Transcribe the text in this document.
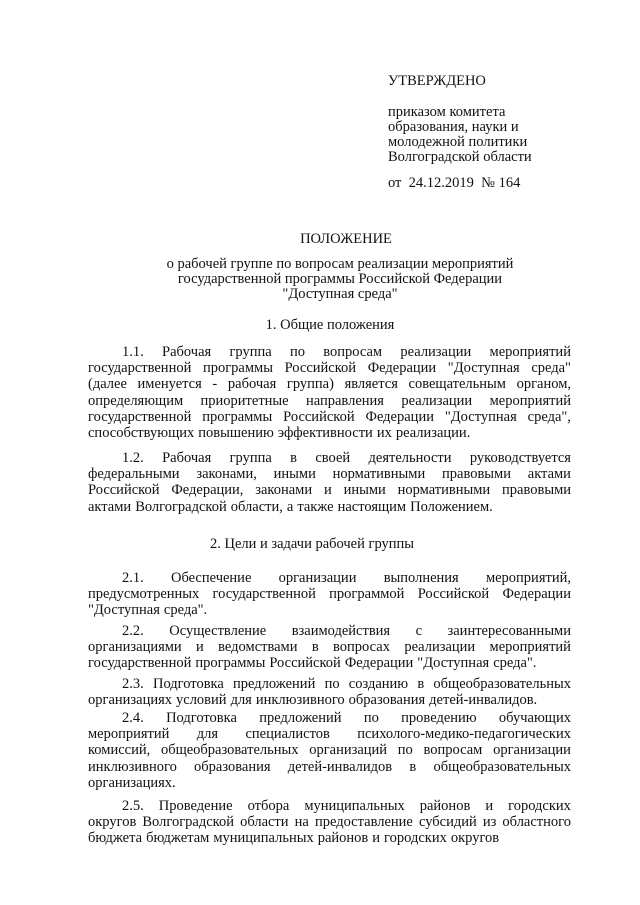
УТВЕРЖДЕНО
приказом комитета
образования, науки и
молодежной политики
Волгоградской области
от  24.12.2019  № 164
ПОЛОЖЕНИЕ
о рабочей группе по вопросам реализации мероприятий
государственной программы Российской Федерации
"Доступная среда"
1. Общие положения
1.1. Рабочая группа по вопросам реализации мероприятий
государственной программы Российской Федерации "Доступная среда"
(далее именуется - рабочая группа) является совещательным органом,
определяющим приоритетные направления реализации мероприятий
государственной программы Российской Федерации "Доступная среда",
способствующих повышению эффективности их реализации.
1.2. Рабочая группа в своей деятельности руководствуется
федеральными законами, иными нормативными правовыми актами
Российской Федерации, законами и иными нормативными правовыми
актами Волгоградской области, а также настоящим Положением.
2. Цели и задачи рабочей группы
2.1. Обеспечение организации выполнения мероприятий,
предусмотренных государственной программой Российской Федерации
"Доступная среда".
2.2. Осуществление взаимодействия с заинтересованными
организациями и ведомствами в вопросах реализации мероприятий
государственной программы Российской Федерации "Доступная среда".
2.3. Подготовка предложений по созданию в общеобразовательных
организациях условий для инклюзивного образования детей-инвалидов.
2.4. Подготовка предложений по проведению обучающих
мероприятий для специалистов психолого-медико-педагогических
комиссий, общеобразовательных организаций по вопросам организации
инклюзивного образования детей-инвалидов в общеобразовательных
организациях.
2.5. Проведение отбора муниципальных районов и городских
округов Волгоградской области на предоставление субсидий из областного
бюджета бюджетам муниципальных районов и городских округов
